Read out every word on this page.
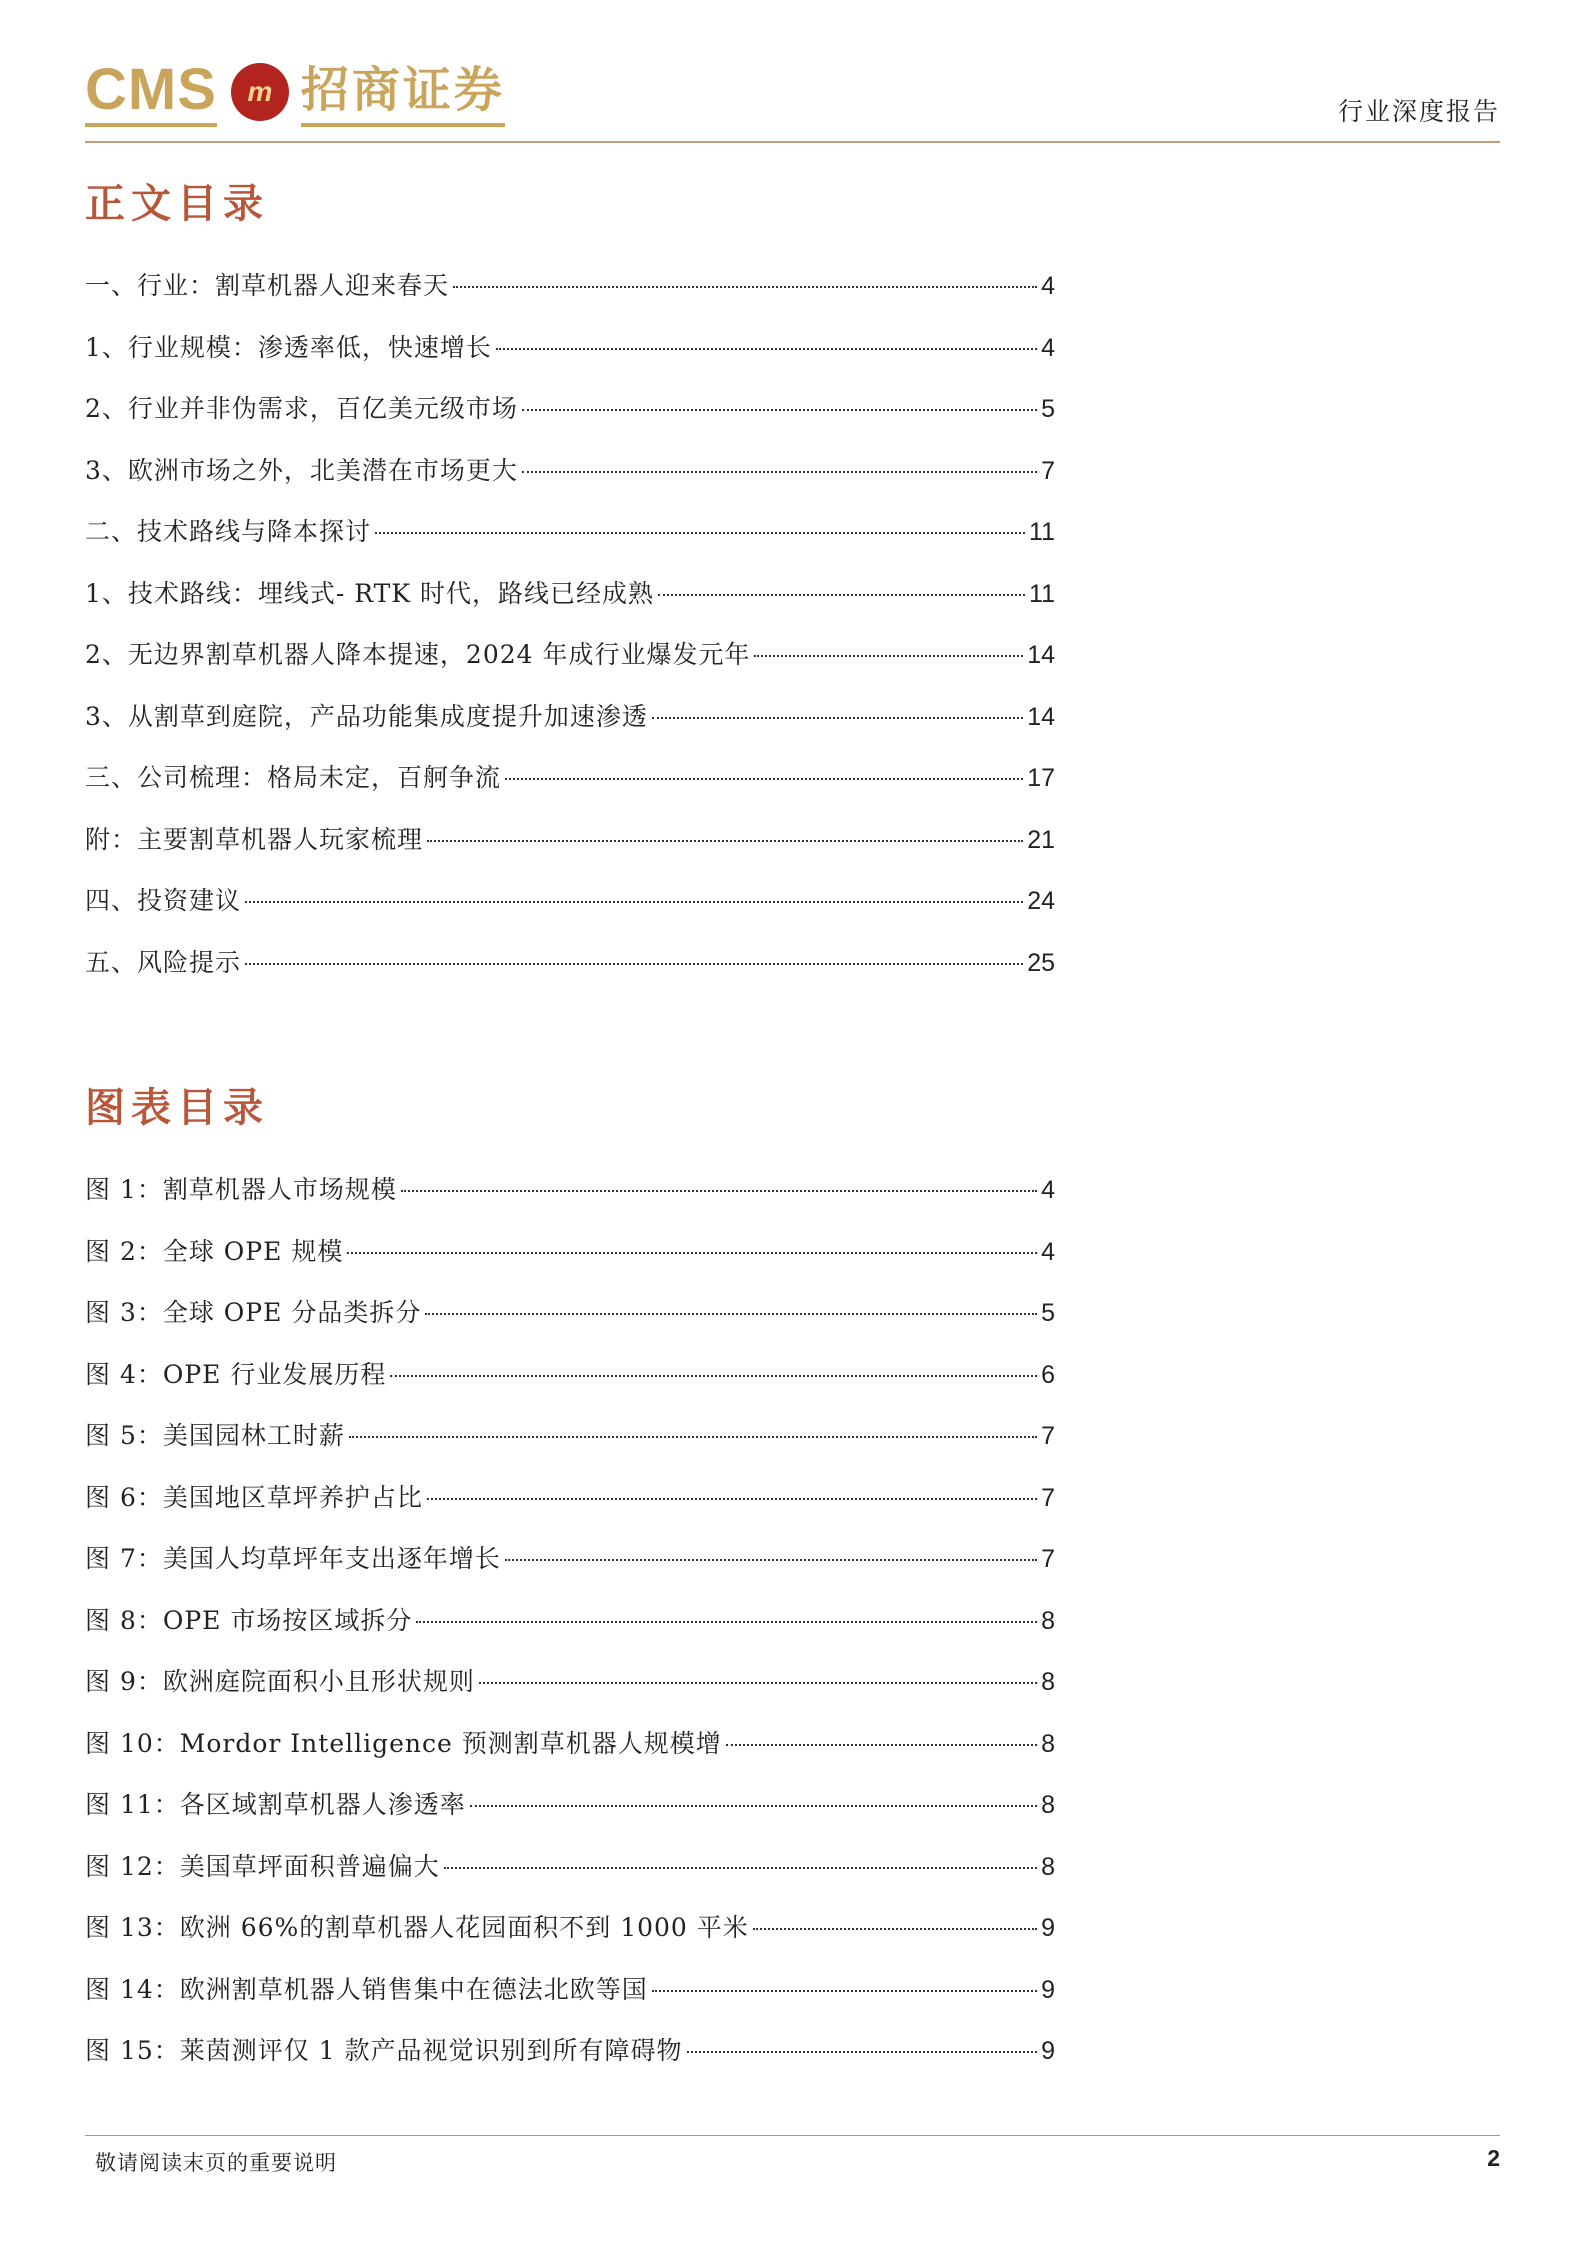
CMS	m 招商证券	行业深度报告
正文目录
一、行业：割草机器人迎来春天	4
1、行业规模：渗透率低，快速增长	4
2、行业并非伪需求，百亿美元级市场	5
3、欧洲市场之外，北美潜在市场更大	7
二、技术路线与降本探讨	11
1、技术路线：埋线式- RTK 时代，路线已经成熟	11
2、无边界割草机器人降本提速，2024 年成行业爆发元年	14
3、从割草到庭院，产品功能集成度提升加速渗透	14
三、公司梳理：格局未定，百舸争流	17
附：主要割草机器人玩家梳理	21
四、投资建议	24
五、风险提示	25
图表目录
图 1：割草机器人市场规模	4
图 2：全球 OPE 规模	4
图 3：全球 OPE 分品类拆分	5
图 4：OPE 行业发展历程	6
图 5：美国园林工时薪	7
图 6：美国地区草坪养护占比	7
图 7：美国人均草坪年支出逐年增长	7
图 8：OPE 市场按区域拆分	8
图 9：欧洲庭院面积小且形状规则	8
图 10：Mordor Intelligence 预测割草机器人规模增	8
图 11：各区域割草机器人渗透率	8
图 12：美国草坪面积普遍偏大	8
图 13：欧洲 66%的割草机器人花园面积不到 1000 平米	9
图 14：欧洲割草机器人销售集中在德法北欧等国	9
图 15：莱茵测评仅 1 款产品视觉识别到所有障碍物	9
敬请阅读末页的重要说明	2
